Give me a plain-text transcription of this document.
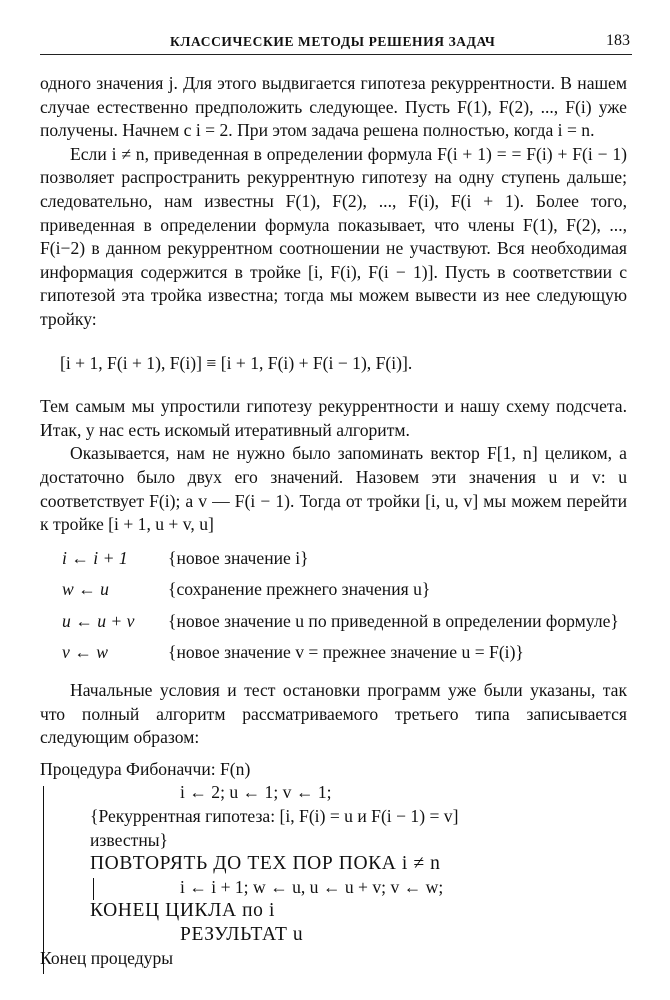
КЛАССИЧЕСКИЕ МЕТОДЫ РЕШЕНИЯ ЗАДАЧ	183

одного значения j. Для этого выдвигается гипотеза рекуррентности. В нашем случае естественно предположить следующее. Пусть F(1), F(2), ..., F(i) уже получены. Начнем с i = 2. При этом задача решена полностью, когда i = n.

Если i ≠ n, приведенная в определении формула F(i + 1) = = F(i) + F(i − 1) позволяет распространить рекуррентную гипотезу на одну ступень дальше; следовательно, нам известны F(1), F(2), ..., F(i), F(i + 1). Более того, приведенная в определении формула показывает, что члены F(1), F(2), ..., F(i−2) в данном рекуррентном соотношении не участвуют. Вся необходимая информация содержится в тройке [i, F(i), F(i − 1)]. Пусть в соответствии с гипотезой эта тройка известна; тогда мы можем вывести из нее следующую тройку:

[i + 1, F(i + 1), F(i)] ≡ [i + 1, F(i) + F(i − 1), F(i)].

Тем самым мы упростили гипотезу рекуррентности и нашу схему подсчета. Итак, у нас есть искомый итеративный алгоритм.

Оказывается, нам не нужно было запоминать вектор F[1, n] целиком, а достаточно было двух его значений. Назовем эти значения u и v: u соответствует F(i); а v — F(i − 1). Тогда от тройки [i, u, v] мы можем перейти к тройке [i + 1, u + v, u]

i ← i + 1	{новое значение i}
w ← u	{сохранение прежнего значения u}
u ← u + v	{новое значение u по приведенной в определении формуле}
v ← w	{новое значение v = прежнее значение u = F(i)}

Начальные условия и тест остановки программ уже были указаны, так что полный алгоритм рассматриваемого третьего типа записывается следующим образом:

Процедура Фибоначчи: F(n)
i ← 2; u ← 1; v ← 1;
{Рекуррентная гипотеза: [i, F(i) = u и F(i − 1) = v]
известны}
ПОВТОРЯТЬ ДО ТЕХ ПОР ПОКА i ≠ n
i ← i + 1; w ← u, u ← u + v; v ← w;
КОНЕЦ ЦИКЛА по i
РЕЗУЛЬТАТ u
Конец процедуры
